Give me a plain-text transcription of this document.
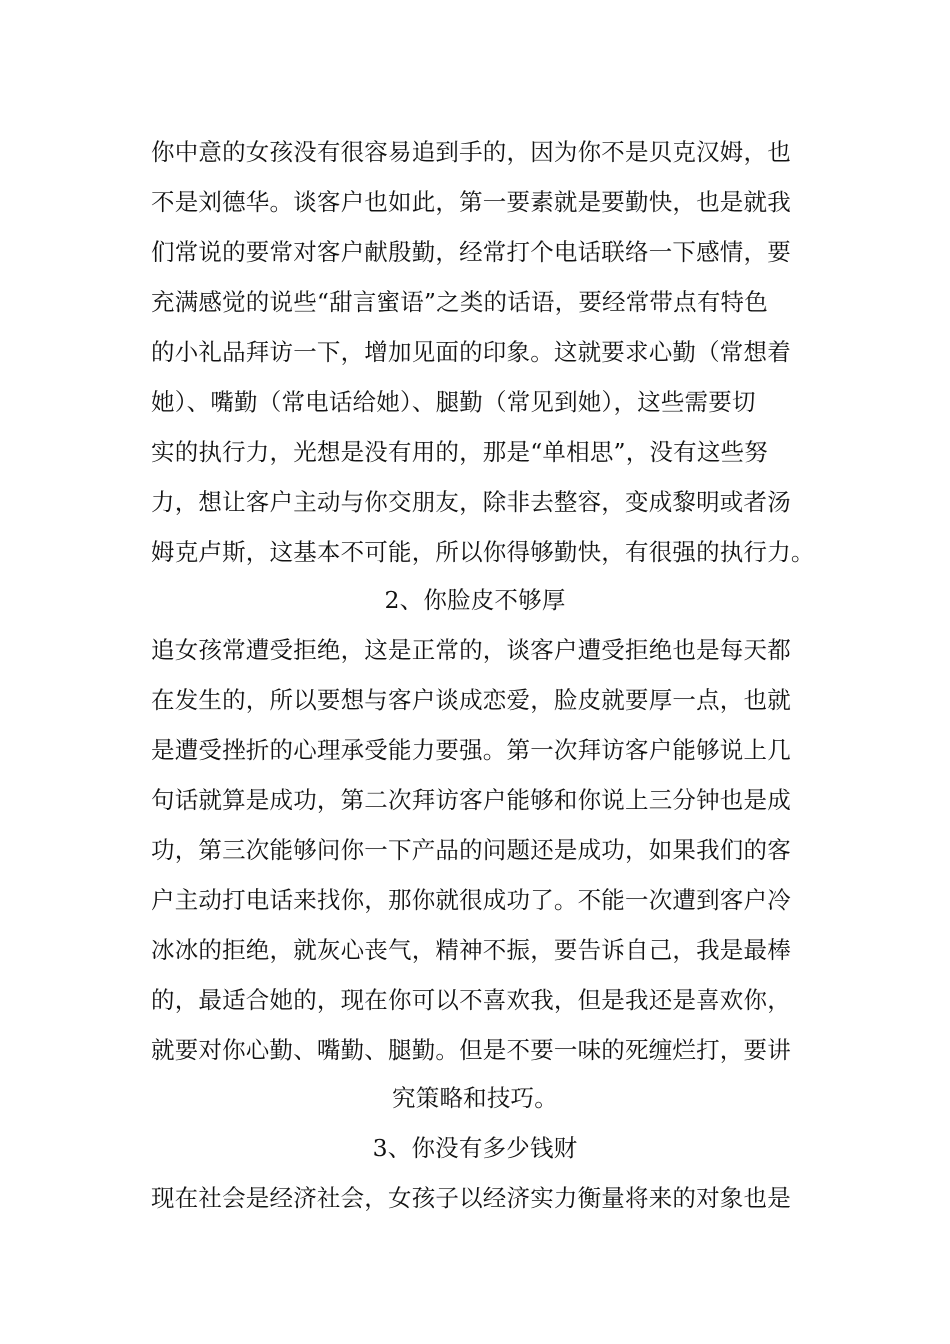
你中意的女孩没有很容易追到手的，因为你不是贝克汉姆，也
不是刘德华。谈客户也如此，第一要素就是要勤快，也是就我
们常说的要常对客户献殷勤，经常打个电话联络一下感情，要
充满感觉的说些“甜言蜜语”之类的话语，要经常带点有特色
的小礼品拜访一下，增加见面的印象。这就要求心勤（常想着
她）、嘴勤（常电话给她）、腿勤（常见到她），这些需要切
实的执行力，光想是没有用的，那是“单相思”，没有这些努
力，想让客户主动与你交朋友，除非去整容，变成黎明或者汤
姆克卢斯，这基本不可能，所以你得够勤快，有很强的执行力。
2、你脸皮不够厚
追女孩常遭受拒绝，这是正常的，谈客户遭受拒绝也是每天都
在发生的，所以要想与客户谈成恋爱，脸皮就要厚一点，也就
是遭受挫折的心理承受能力要强。第一次拜访客户能够说上几
句话就算是成功，第二次拜访客户能够和你说上三分钟也是成
功，第三次能够问你一下产品的问题还是成功，如果我们的客
户主动打电话来找你，那你就很成功了。不能一次遭到客户冷
冰冰的拒绝，就灰心丧气，精神不振，要告诉自己，我是最棒
的，最适合她的，现在你可以不喜欢我，但是我还是喜欢你，
就要对你心勤、嘴勤、腿勤。但是不要一味的死缠烂打，要讲
究策略和技巧。
3、你没有多少钱财
现在社会是经济社会，女孩子以经济实力衡量将来的对象也是
